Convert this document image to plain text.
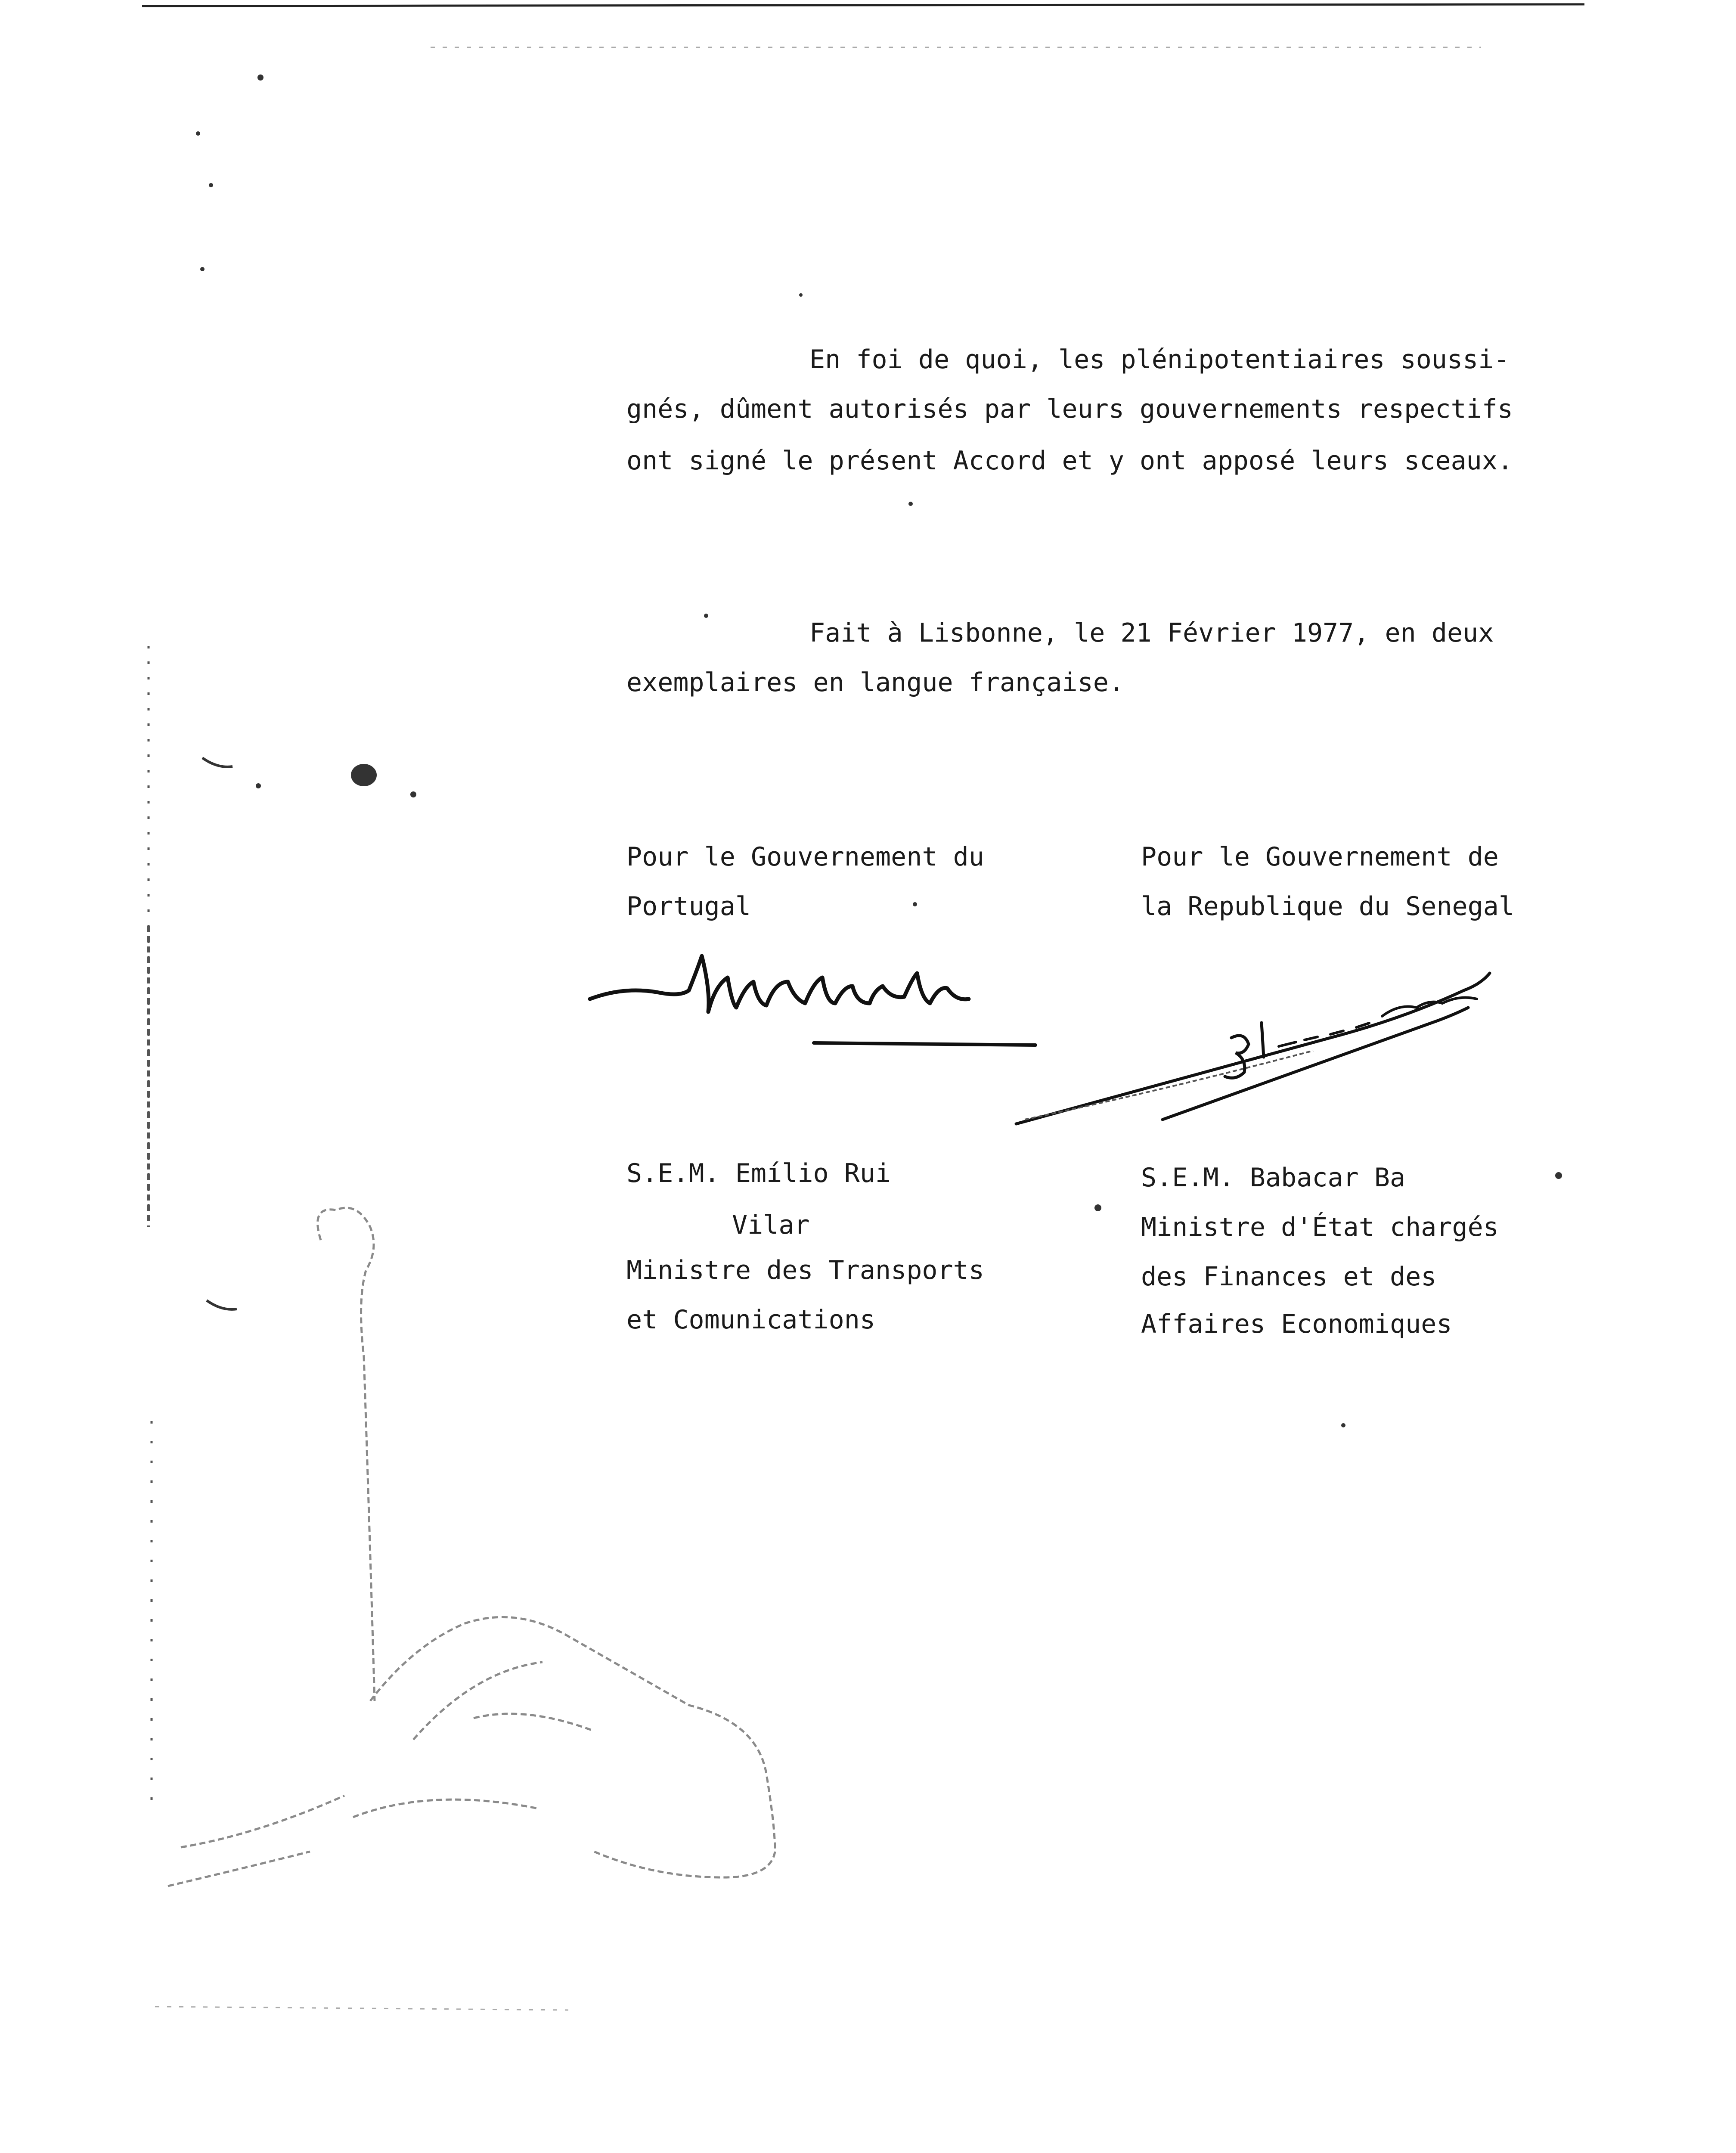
En foi de quoi, les plénipotentiaires soussi-
gnés, dûment autorisés par leurs gouvernements respectifs
ont signé le présent Accord et y ont apposé leurs sceaux.
Fait à Lisbonne, le 21 Février 1977, en deux
exemplaires en langue française.
Pour le Gouvernement du
Portugal
S.E.M. Emílio Rui
Vilar
Ministre des Transports
et Comunications
Pour le Gouvernement de
la Republique du Senegal
S.E.M. Babacar Ba
Ministre d'État chargés
des Finances et des
Affaires Economiques
